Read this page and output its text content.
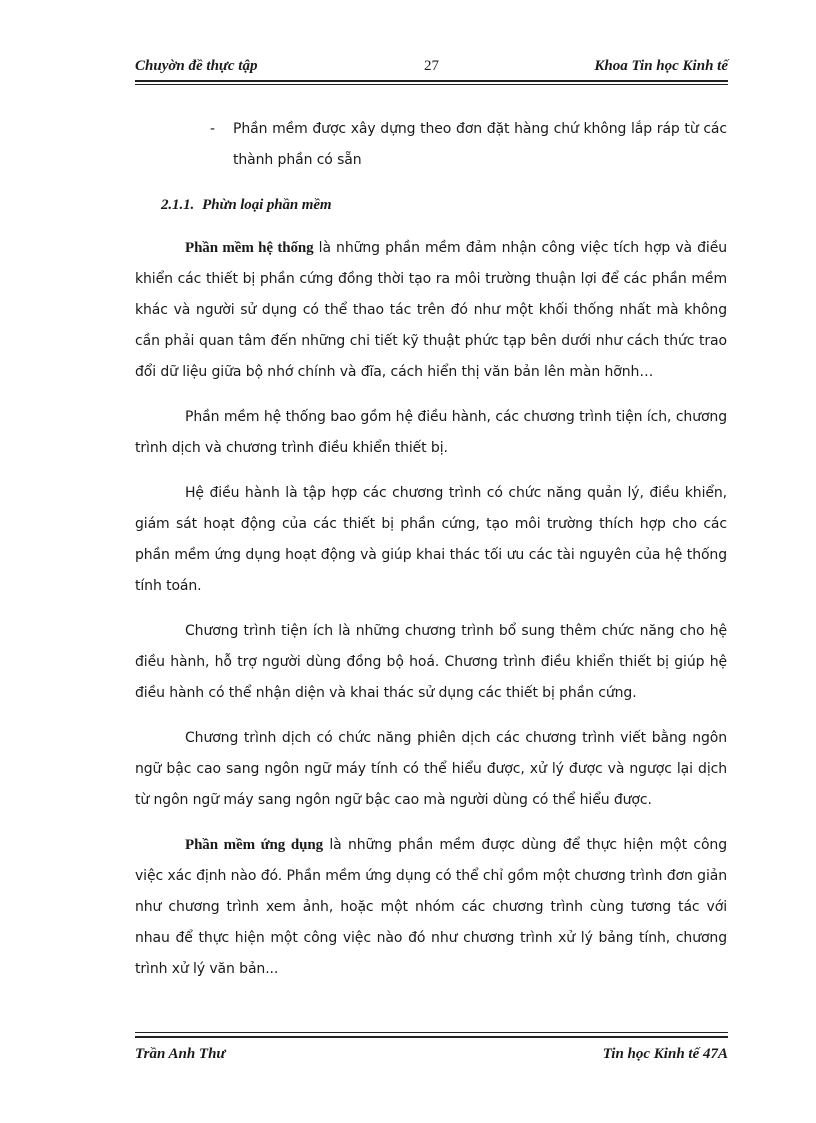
Chuyờn đề thực tập	27	Khoa Tin học Kinh tế
- Phần mềm được xây dựng theo đơn đặt hàng chứ không lắp ráp từ các thành phần có sẵn
2.1.1. Phừn loại phần mềm

Phần mềm hệ thống là những phần mềm đảm nhận công việc tích hợp và điều khiển các thiết bị phần cứng đồng thời tạo ra môi trường thuận lợi để các phần mềm khác và người sử dụng có thể thao tác trên đó như một khối thống nhất mà không cần phải quan tâm đến những chi tiết kỹ thuật phức tạp bên dưới như cách thức trao đổi dữ liệu giữa bộ nhớ chính và đĩa, cách hiển thị văn bản lên màn hỡnh…

Phần mềm hệ thống bao gồm hệ điều hành, các chương trình tiện ích, chương trình dịch và chương trình điều khiển thiết bị.

Hệ điều hành là tập hợp các chương trình có chức năng quản lý, điều khiển, giám sát hoạt động của các thiết bị phần cứng, tạo môi trường thích hợp cho các phần mềm ứng dụng hoạt động và giúp khai thác tối ưu các tài nguyên của hệ thống tính toán.

Chương trình tiện ích là những chương trình bổ sung thêm chức năng cho hệ điều hành, hỗ trợ người dùng đồng bộ hoá. Chương trình điều khiển thiết bị giúp hệ điều hành có thể nhận diện và khai thác sử dụng các thiết bị phần cứng.

Chương trình dịch có chức năng phiên dịch các chương trình viết bằng ngôn ngữ bậc cao sang ngôn ngữ máy tính có thể hiểu được, xử lý được và ngược lại dịch từ ngôn ngữ máy sang ngôn ngữ bậc cao mà người dùng có thể hiểu được.

Phần mềm ứng dụng là những phần mềm được dùng để thực hiện một công việc xác định nào đó. Phần mềm ứng dụng có thể chỉ gồm một chương trình đơn giản như chương trình xem ảnh, hoặc một nhóm các chương trình cùng tương tác với nhau để thực hiện một công việc nào đó như chương trình xử lý bảng tính, chương trình xử lý văn bản...

Trần Anh Thư	Tin học Kinh tế 47A
